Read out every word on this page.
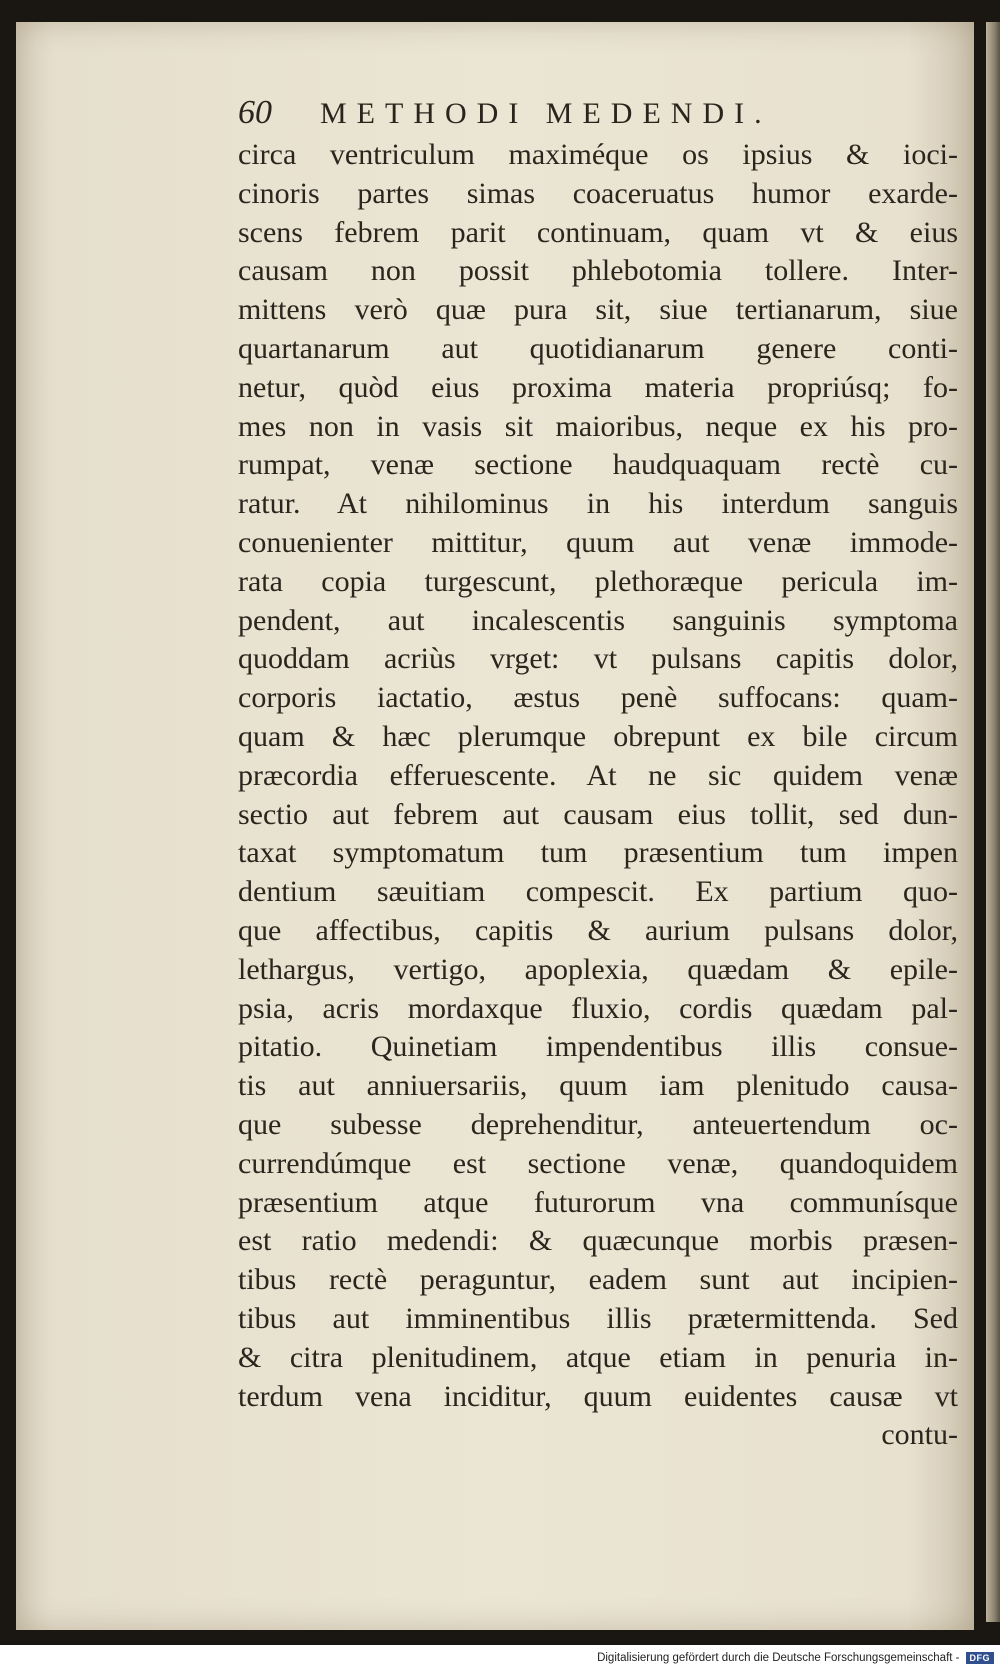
60	METHODI MEDENDI.
circa ventriculum maximéque os ipsius & ioci-
cinoris partes simas coaceruatus humor exarde-
scens febrem parit continuam, quam vt & eius
causam non possit phlebotomia tollere. Inter-
mittens verò quæ pura sit, siue tertianarum, siue
quartanarum aut quotidianarum genere conti-
netur, quòd eius proxima materia propriúsq; fo-
mes non in vasis sit maioribus, neque ex his pro-
rumpat, venæ sectione haudquaquam rectè cu-
ratur. At nihilominus in his interdum sanguis
conuenienter mittitur, quum aut venæ immode-
rata copia turgescunt, plethoræque pericula im-
pendent, aut incalescentis sanguinis symptoma
quoddam acriùs vrget: vt pulsans capitis dolor,
corporis iactatio, æstus penè suffocans: quam-
quam & hæc plerumque obrepunt ex bile circum
præcordia efferuescente. At ne sic quidem venæ
sectio aut febrem aut causam eius tollit, sed dun-
taxat symptomatum tum præsentium tum impen
dentium sæuitiam compescit. Ex partium quo-
que affectibus, capitis & aurium pulsans dolor,
lethargus, vertigo, apoplexia, quædam & epile-
psia, acris mordaxque fluxio, cordis quædam pal-
pitatio. Quinetiam impendentibus illis consue-
tis aut anniuersariis, quum iam plenitudo causa-
que subesse deprehenditur, anteuertendum oc-
currendúmque est sectione venæ, quandoquidem
præsentium atque futurorum vna communísque
est ratio medendi: & quæcunque morbis præsen-
tibus rectè peraguntur, eadem sunt aut incipien-
tibus aut imminentibus illis prætermittenda. Sed
& citra plenitudinem, atque etiam in penuria in-
terdum vena inciditur, quum euidentes causæ vt
contu-
Digitalisierung gefördert durch die Deutsche Forschungsgemeinschaft -	DFG
